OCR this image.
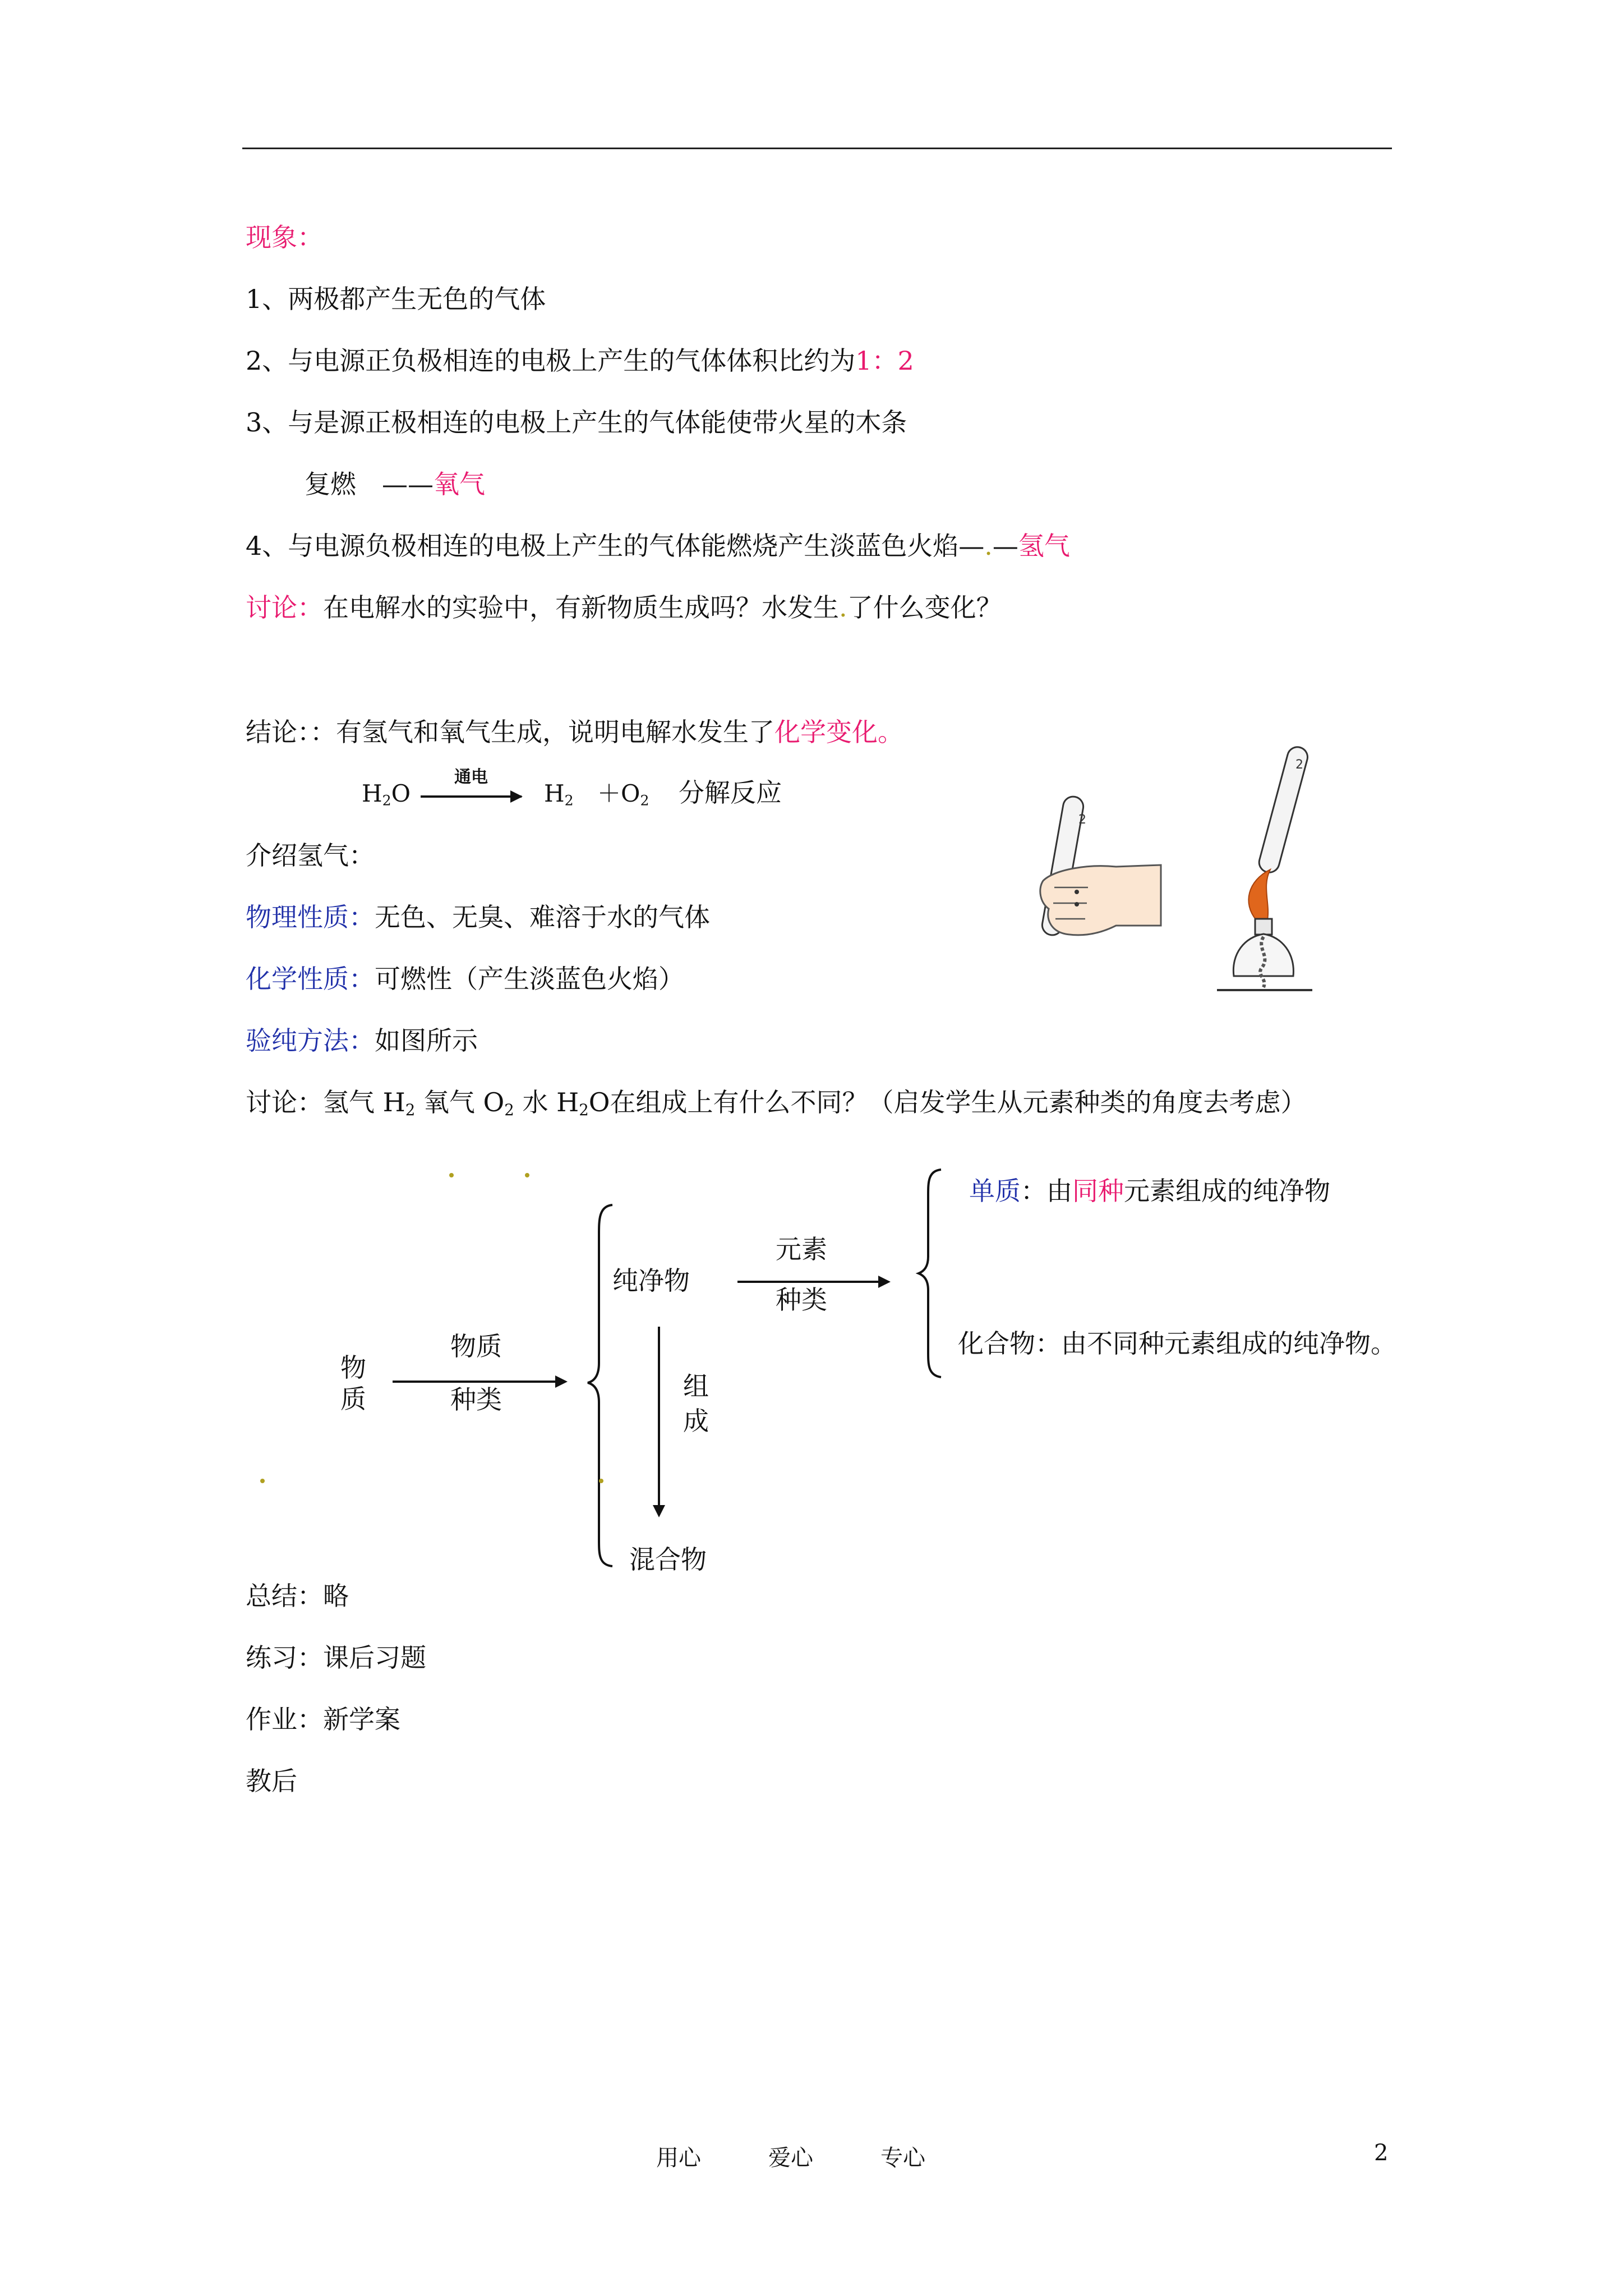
现象：
1、两极都产生无色的气体
2、与电源正负极相连的电极上产生的气体体积比约为1：2
3、与是源正极相连的电极上产生的气体能使带火星的木条
复燃　——氧气
4、与电源负极相连的电极上产生的气体能燃烧产生淡蓝色火焰—.—氢气
讨论：在电解水的实验中，有新物质生成吗？水发生.了什么变化？
结论：：有氢气和氧气生成，说明电解水发生了化学变化。
$H_2O$
通电
$H_2 +O_2$ 分解反应
介绍氢气：
物理性质：无色、无臭、难溶于水的气体
化学性质：可燃性（产生淡蓝色火焰）
验纯方法：如图所示
2
2
讨论：氢气 $H_2$ 氧气 $O_2$ 水 $H_2O$在组成上有什么不同？（启发学生从元素种类的角度去考虑）
物质
物质
种类
纯净物
元素
种类
组成
混合物
单质：由同种元素组成的纯净物
化合物：由不同种元素组成的纯净物。
总结：略
练习：课后习题
作业：新学案
教后
用心	爱心	专心	2
